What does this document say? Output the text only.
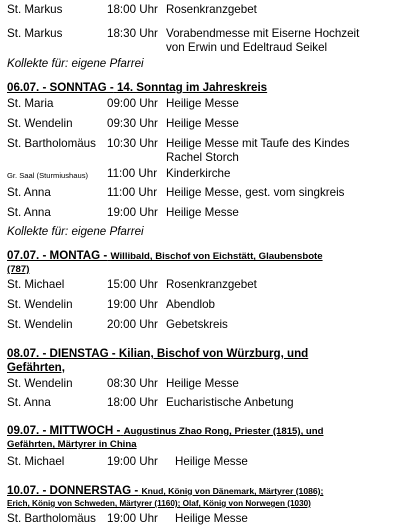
St. Markus	18:00 Uhr Rosenkranzgebet
St. Markus	18:30 Uhr Vorabendmesse mit Eiserne Hochzeit
von Erwin und Edeltraud Seikel
Kollekte für: eigene Pfarrei
06.07. - SONNTAG - 14. Sonntag im Jahreskreis
St. Maria	09:00 Uhr Heilige Messe
St. Wendelin	09:30 Uhr Heilige Messe
St. Bartholomäus 10:30 Uhr Heilige Messe mit Taufe des Kindes
Rachel Storch
Gr. Saal (Sturmiushaus) 11:00 Uhr Kinderkirche
St. Anna	11:00 Uhr Heilige Messe, gest. vom singkreis
St. Anna	19:00 Uhr Heilige Messe
Kollekte für: eigene Pfarrei
07.07. - MONTAG - Willibald, Bischof von Eichstätt, Glaubensbote
(787)
St. Michael	15:00 Uhr Rosenkranzgebet
St. Wendelin	19:00 Uhr Abendlob
St. Wendelin	20:00 Uhr Gebetskreis
08.07. - DIENSTAG - Kilian, Bischof von Würzburg, und
Gefährten,
St. Wendelin	08:30 Uhr Heilige Messe
St. Anna	18:00 Uhr Eucharistische Anbetung
09.07. - MITTWOCH - Augustinus Zhao Rong, Priester (1815), und
Gefährten, Märtyrer in China
St. Michael	19:00 Uhr Heilige Messe
10.07. - DONNERSTAG - Knud, König von Dänemark, Märtyrer (1086);
Erich, König von Schweden, Märtyrer (1160); Olaf, König von Norwegen (1030)
St. Bartholomäus 19:00 Uhr Heilige Messe
